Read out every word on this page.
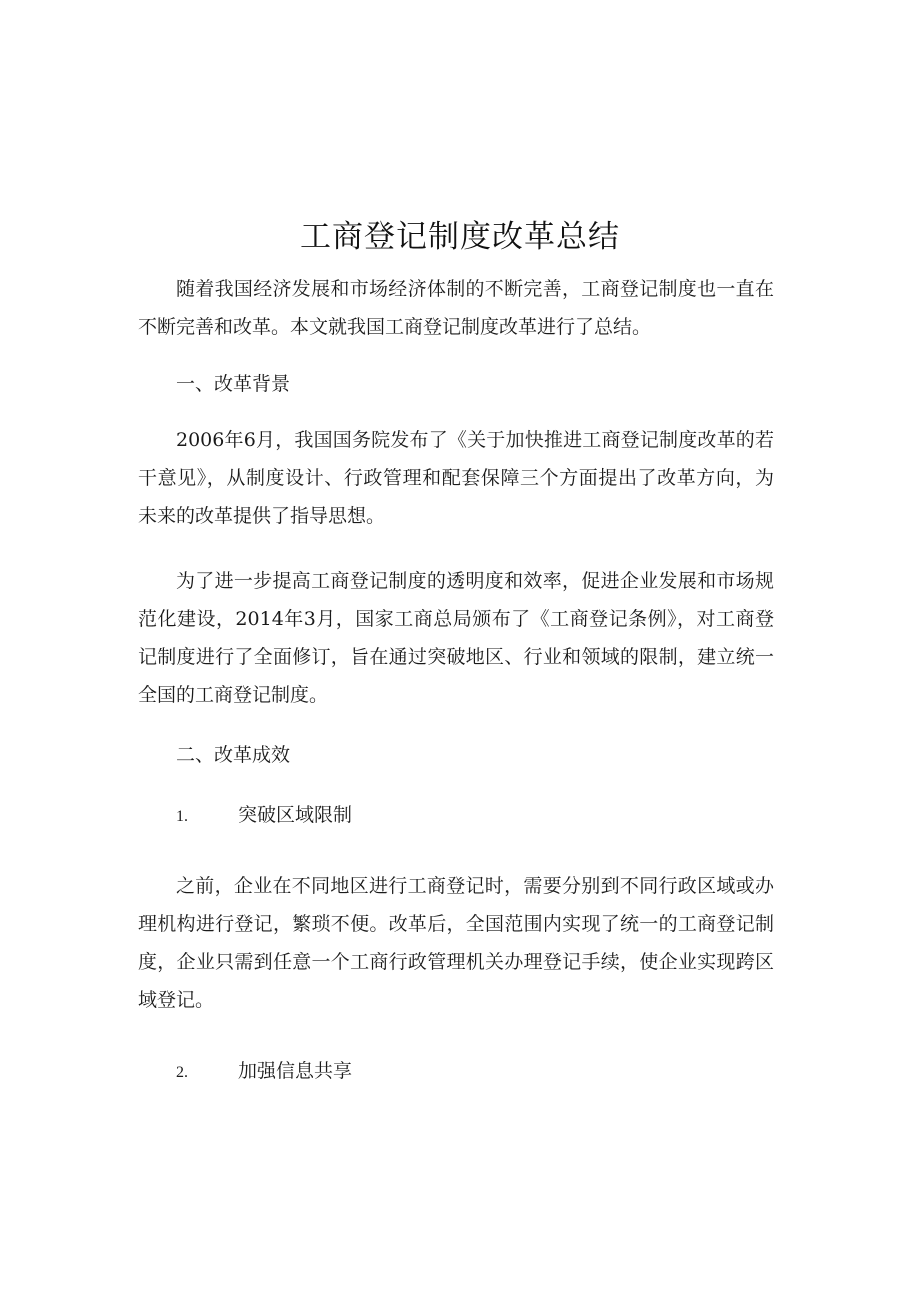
工商登记制度改革总结

随着我国经济发展和市场经济体制的不断完善，工商登记制度也一直在不断完善和改革。本文就我国工商登记制度改革进行了总结。

一、改革背景

2006年6月，我国国务院发布了《关于加快推进工商登记制度改革的若干意见》，从制度设计、行政管理和配套保障三个方面提出了改革方向，为未来的改革提供了指导思想。

为了进一步提高工商登记制度的透明度和效率，促进企业发展和市场规范化建设，2014年3月，国家工商总局颁布了《工商登记条例》，对工商登记制度进行了全面修订，旨在通过突破地区、行业和领域的限制，建立统一全国的工商登记制度。

二、改革成效

1.	突破区域限制

之前，企业在不同地区进行工商登记时，需要分别到不同行政区域或办理机构进行登记，繁琐不便。改革后，全国范围内实现了统一的工商登记制度，企业只需到任意一个工商行政管理机关办理登记手续，使企业实现跨区域登记。

2.	加强信息共享
